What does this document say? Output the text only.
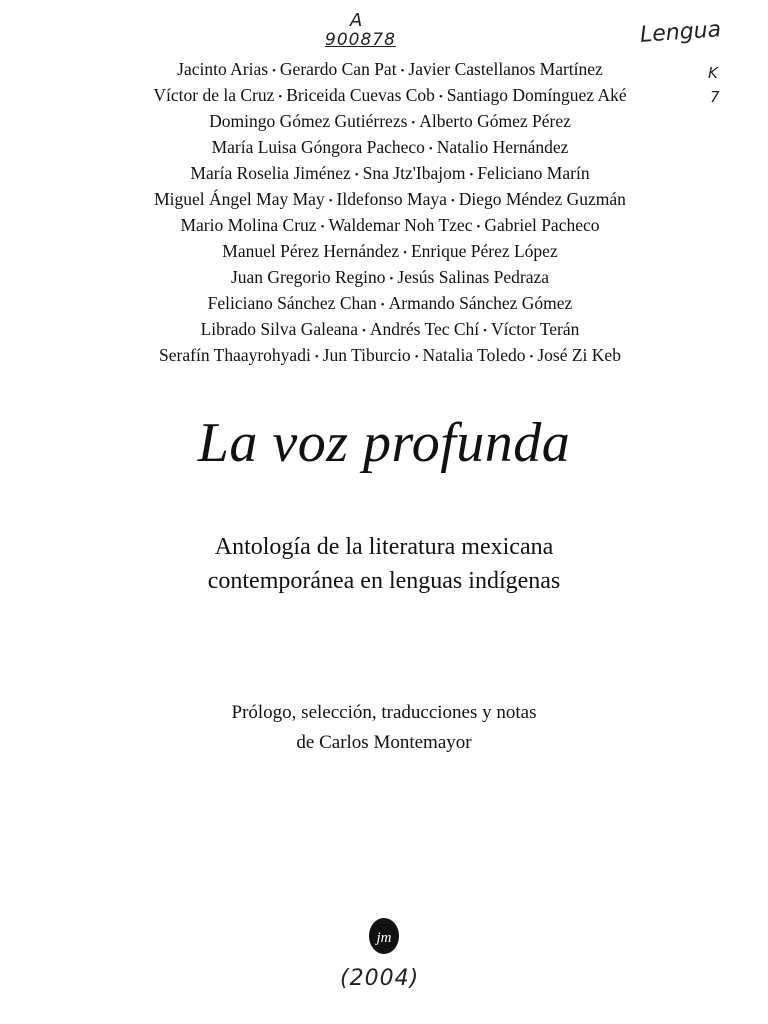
A
900878	Lengua
K
7
Jacinto Arias • Gerardo Can Pat • Javier Castellanos Martínez
Víctor de la Cruz • Briceida Cuevas Cob • Santiago Domínguez Aké
Domingo Gómez Gutiérrezs • Alberto Gómez Pérez
María Luisa Góngora Pacheco • Natalio Hernández
María Roselia Jiménez • Sna Jtz'Ibajom • Feliciano Marín
Miguel Ángel May May • Ildefonso Maya • Diego Méndez Guzmán
Mario Molina Cruz • Waldemar Noh Tzec • Gabriel Pacheco
Manuel Pérez Hernández • Enrique Pérez López
Juan Gregorio Regino • Jesús Salinas Pedraza
Feliciano Sánchez Chan • Armando Sánchez Gómez
Librado Silva Galeana • Andrés Tec Chí • Víctor Terán
Serafín Thaayrohyadi • Jun Tiburcio • Natalia Toledo • José Zi Keb
La voz profunda
Antología de la literatura mexicana
contemporánea en lenguas indígenas
Prólogo, selección, traducciones y notas
de Carlos Montemayor
jm
(2004)
